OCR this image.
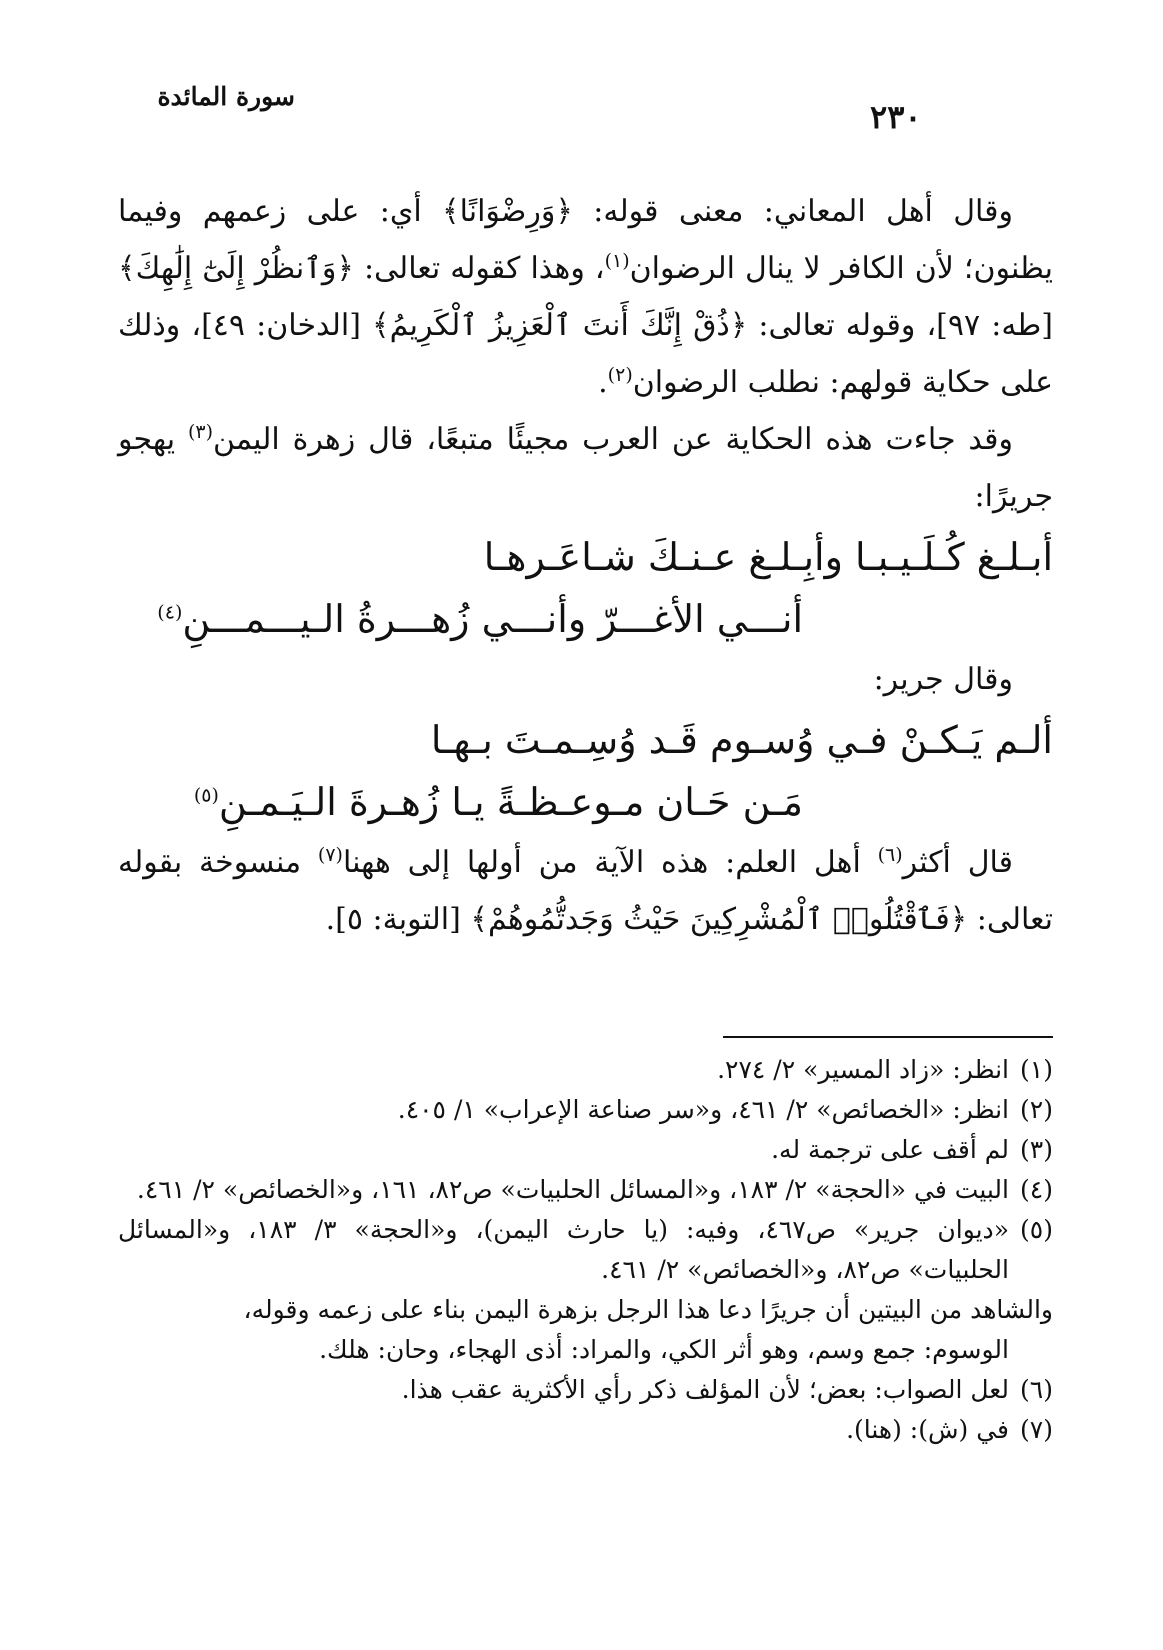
سورة المائدة
٢٣٠

وقال أهل المعاني: معنى قوله: ﴿وَرِضْوَانًا﴾ أي: على زعمهم وفيما يظنون؛ لأن الكافر لا ينال الرضوان$^{(١)}$، وهذا كقوله تعالى: ﴿وَٱنظُرْ إِلَىٰٓ إِلَٰهِكَ﴾ [طه: ٩٧]، وقوله تعالى: ﴿ذُقْ إِنَّكَ أَنتَ ٱلْعَزِيزُ ٱلْكَرِيمُ﴾ [الدخان: ٤٩]، وذلك على حكاية قولهم: نطلب الرضوان$^{(٢)}$.

وقد جاءت هذه الحكاية عن العرب مجيئًا متبعًا، قال زهرة اليمن$^{(٣)}$ يهجو جريرًا:

أبـلـغ كُـلَـيـبـا وأبِـلـغ عـنـكَ شـاعَـرهـا
أنـــي الأغـــرّ وأنـــي زُهـــرةُ الـيـــمـــنِ$^{(٤)}$

وقال جرير:

ألـم يَـكـنْ فـي وُسـوم قَـد وُسِـمـتَ بـهـا
مَـن حَـان مـوعـظـةً يـا زُهـرةَ الـيَـمـنِ$^{(٥)}$

قال أكثر$^{(٦)}$ أهل العلم: هذه الآية من أولها إلى ههنا$^{(٧)}$ منسوخة بقوله تعالى: ﴿فَٱقْتُلُوا۟ ٱلْمُشْرِكِينَ حَيْثُ وَجَدتُّمُوهُمْ﴾ [التوبة: ٥].

(١)
انظر: «زاد المسير» ٢/ ٢٧٤.
(٢)
انظر: «الخصائص» ٢/ ٤٦١، و«سر صناعة الإعراب» ١/ ٤٠٥.
(٣)
لم أقف على ترجمة له.
(٤)
البيت في «الحجة» ٢/ ١٨٣، و«المسائل الحلبيات» ص٨٢، ١٦١، و«الخصائص» ٢/ ٤٦١.
(٥)
«ديوان جرير» ص٤٦٧، وفيه: (يا حارث اليمن)، و«الحجة» ٣/ ١٨٣، و«المسائل الحلبيات» ص٨٢، و«الخصائص» ٢/ ٤٦١.

والشاهد من البيتين أن جريرًا دعا هذا الرجل بزهرة اليمن بناء على زعمه وقوله،

الوسوم: جمع وسم، وهو أثر الكي، والمراد: أذى الهجاء، وحان: هلك.

(٦)
لعل الصواب: بعض؛ لأن المؤلف ذكر رأي الأكثرية عقب هذا.
(٧)
في (ش): (هنا).
